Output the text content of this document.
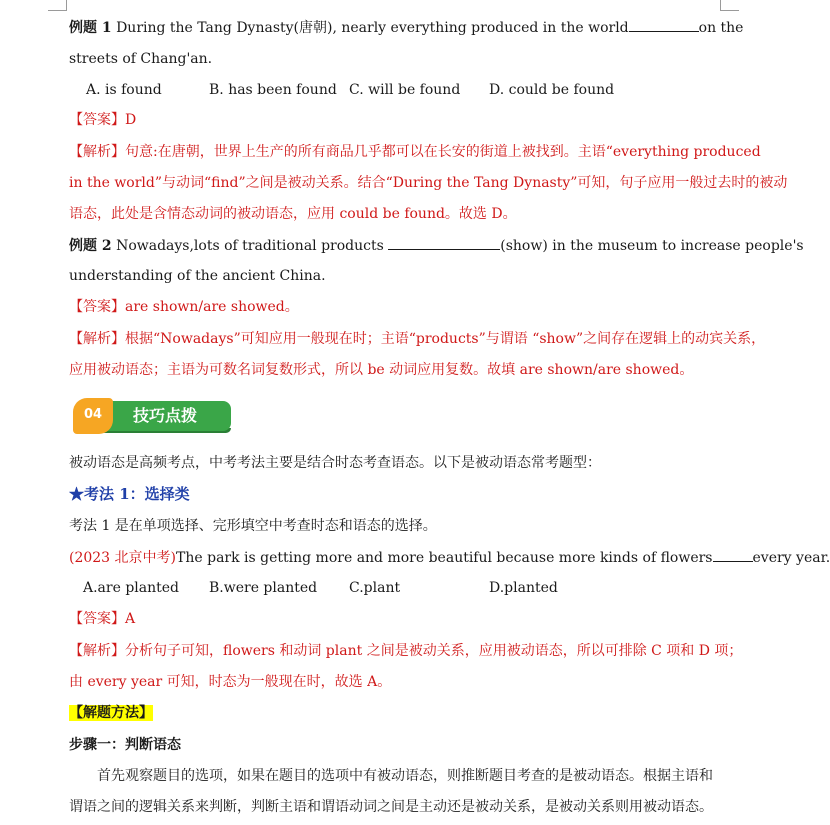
例题 1 During the Tang Dynasty(唐朝), nearly everything produced in the world	on the
streets of Chang'an.
A. is found	B. has been found C. will be found D. could be found
【答案】D
【解析】句意:在唐朝，世界上生产的所有商品几乎都可以在长安的街道上被找到。主语“everything produced
in the world”与动词“find”之间是被动关系。结合“During the Tang Dynasty”可知，句子应用一般过去时的被动
语态，此处是含情态动词的被动语态，应用 could be found。故选 D。
例题 2 Nowadays,lots of traditional products	(show) in the museum to increase people's
understanding of the ancient China.
【答案】are shown/are showed。
【解析】根据“Nowadays”可知应用一般现在时；主语“products”与谓语 “show”之间存在逻辑上的动宾关系，
应用被动语态；主语为可数名词复数形式，所以 be 动词应用复数。故填 are shown/are showed。
04	技巧点拨
被动语态是高频考点，中考考法主要是结合时态考查语态。以下是被动语态常考题型：
★考法 1：选择类
考法 1 是在单项选择、完形填空中考查时态和语态的选择。
(2023 北京中考)The park is getting more and more beautiful because more kinds of flowers	every year.
A.are planted B.were planted C.plant	D.planted
【答案】A
【解析】分析句子可知，flowers 和动词 plant 之间是被动关系，应用被动语态，所以可排除 C 项和 D 项；
由 every year 可知，时态为一般现在时，故选 A。
【解题方法】
步骤一：判断语态
首先观察题目的选项，如果在题目的选项中有被动语态，则推断题目考查的是被动语态。根据主语和
谓语之间的逻辑关系来判断，判断主语和谓语动词之间是主动还是被动关系，是被动关系则用被动语态。
